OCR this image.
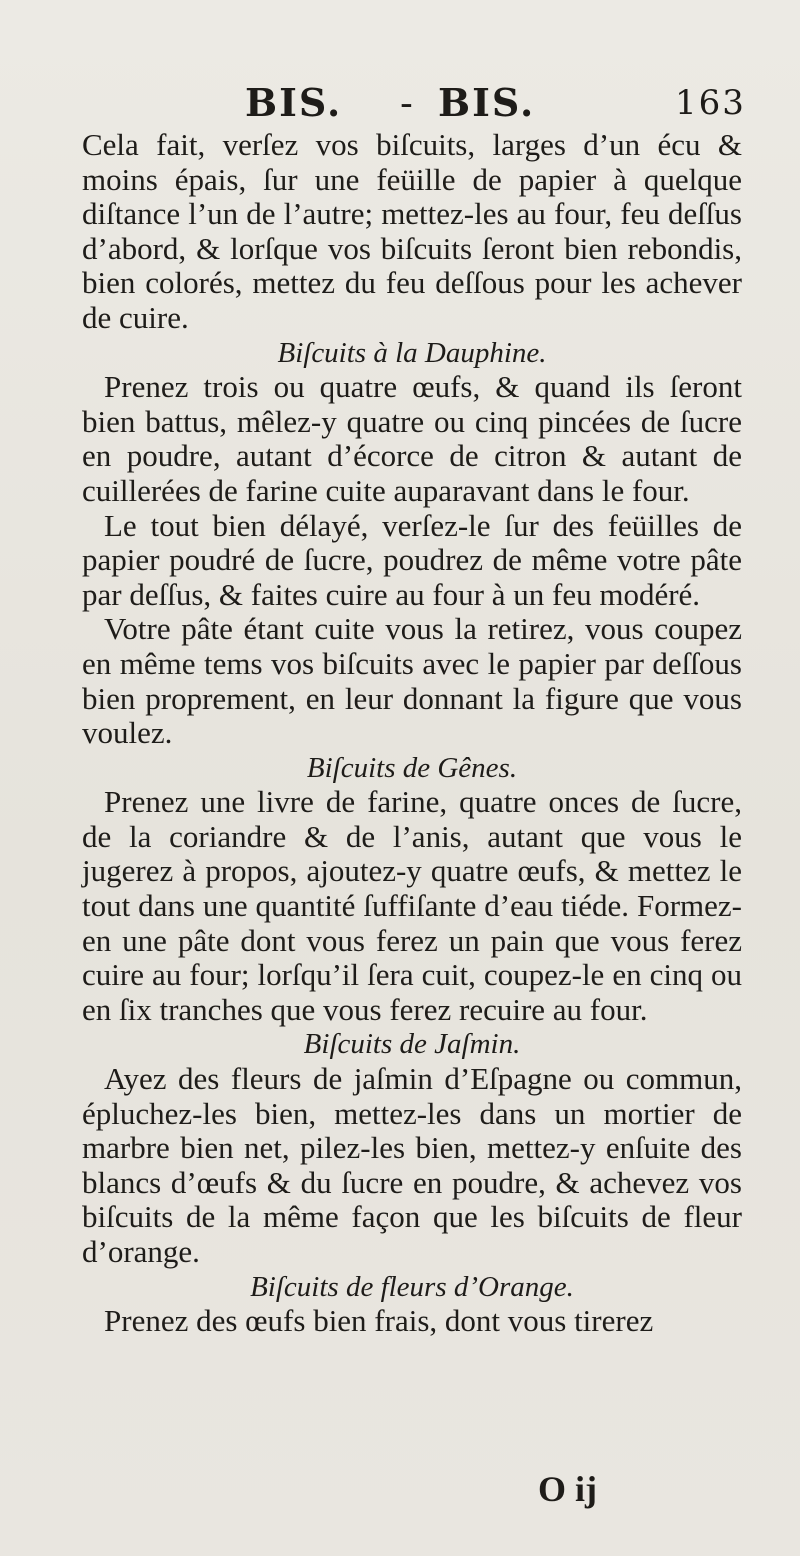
BIS. - BIS.	163

Cela fait, verſez vos biſcuits, larges d’un écu & moins épais, ſur une feüille de papier à quelque diſtance l’un de l’autre; mettez-les au four, feu deſſus d’abord, & lorſque vos biſcuits ſeront bien rebondis, bien colorés, mettez du feu deſſous pour les achever de cuire.

Biſcuits à la Dauphine.

Prenez trois ou quatre œufs, & quand ils ſeront bien battus, mêlez-y quatre ou cinq pincées de ſucre en poudre, autant d’écorce de citron & autant de cuillerées de farine cuite auparavant dans le four.

Le tout bien délayé, verſez-le ſur des feüilles de papier poudré de ſucre, poudrez de même votre pâte par deſſus, & faites cuire au four à un feu modéré.

Votre pâte étant cuite vous la retirez, vous coupez en même tems vos biſcuits avec le papier par deſſous bien proprement, en leur donnant la figure que vous voulez.

Biſcuits de Gênes.

Prenez une livre de farine, quatre onces de ſucre, de la coriandre & de l’anis, autant que vous le jugerez à propos, ajoutez-y quatre œufs, & mettez le tout dans une quantité ſuffiſante d’eau tiéde. Formez-en une pâte dont vous ferez un pain que vous ferez cuire au four; lorſqu’il ſera cuit, coupez-le en cinq ou en ſix tranches que vous ferez recuire au four.

Biſcuits de Jaſmin.

Ayez des fleurs de jaſmin d’Eſpagne ou commun, épluchez-les bien, mettez-les dans un mortier de marbre bien net, pilez-les bien, mettez-y enſuite des blancs d’œufs & du ſucre en poudre, & achevez vos biſcuits de la même façon que les biſcuits de fleur d’orange.

Biſcuits de fleurs d’Orange.

Prenez des œufs bien frais, dont vous tirerez

O ij
